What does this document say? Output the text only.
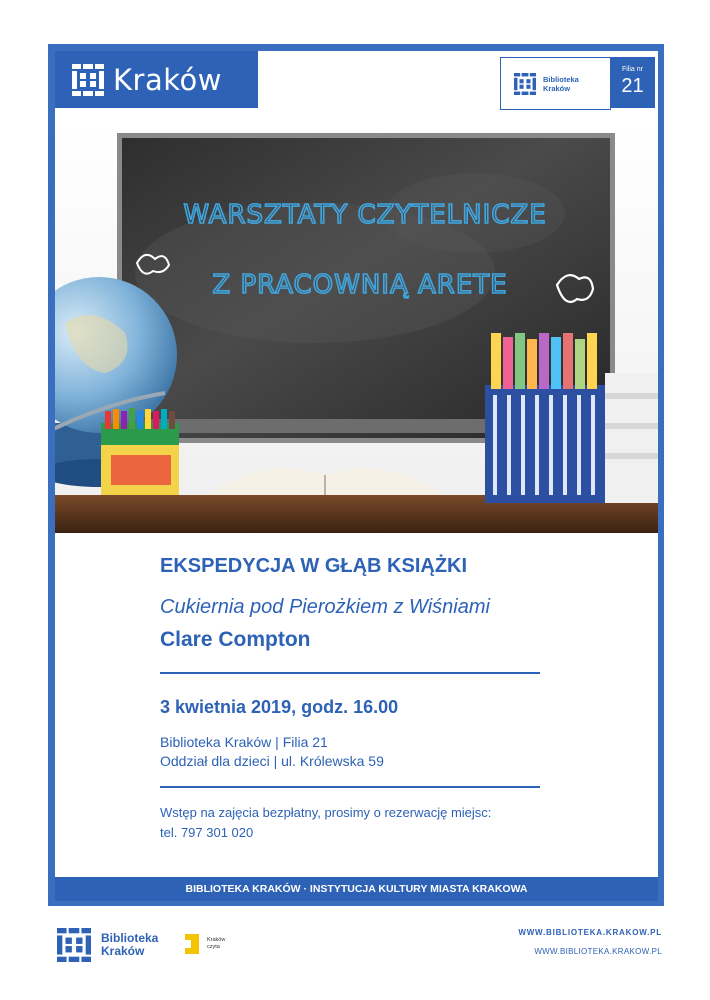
Kraków	Biblioteka
Kraków
Filia nr
21
WARSZTATY CZYTELNICZE
Z PRACOWNIĄ ARETE
EKSPEDYCJA W GŁĄB KSIĄŻKI
Cukiernia pod Pierożkiem z Wiśniami
Clare Compton
3 kwietnia 2019, godz. 16.00
Biblioteka Kraków | Filia 21
Oddział dla dzieci | ul. Królewska 59
Wstęp na zajęcia bezpłatny, prosimy o rezerwację miejsc:
tel. 797 301 020
BIBLIOTEKA KRAKÓW · INSTYTUCJA KULTURY MIASTA KRAKOWA
Biblioteka
Kraków
Kraków
czyta
WWW.BIBLIOTEKA.KRAKOW.PL
WWW.BIBLIOTEKA.KRAKOW.PL
